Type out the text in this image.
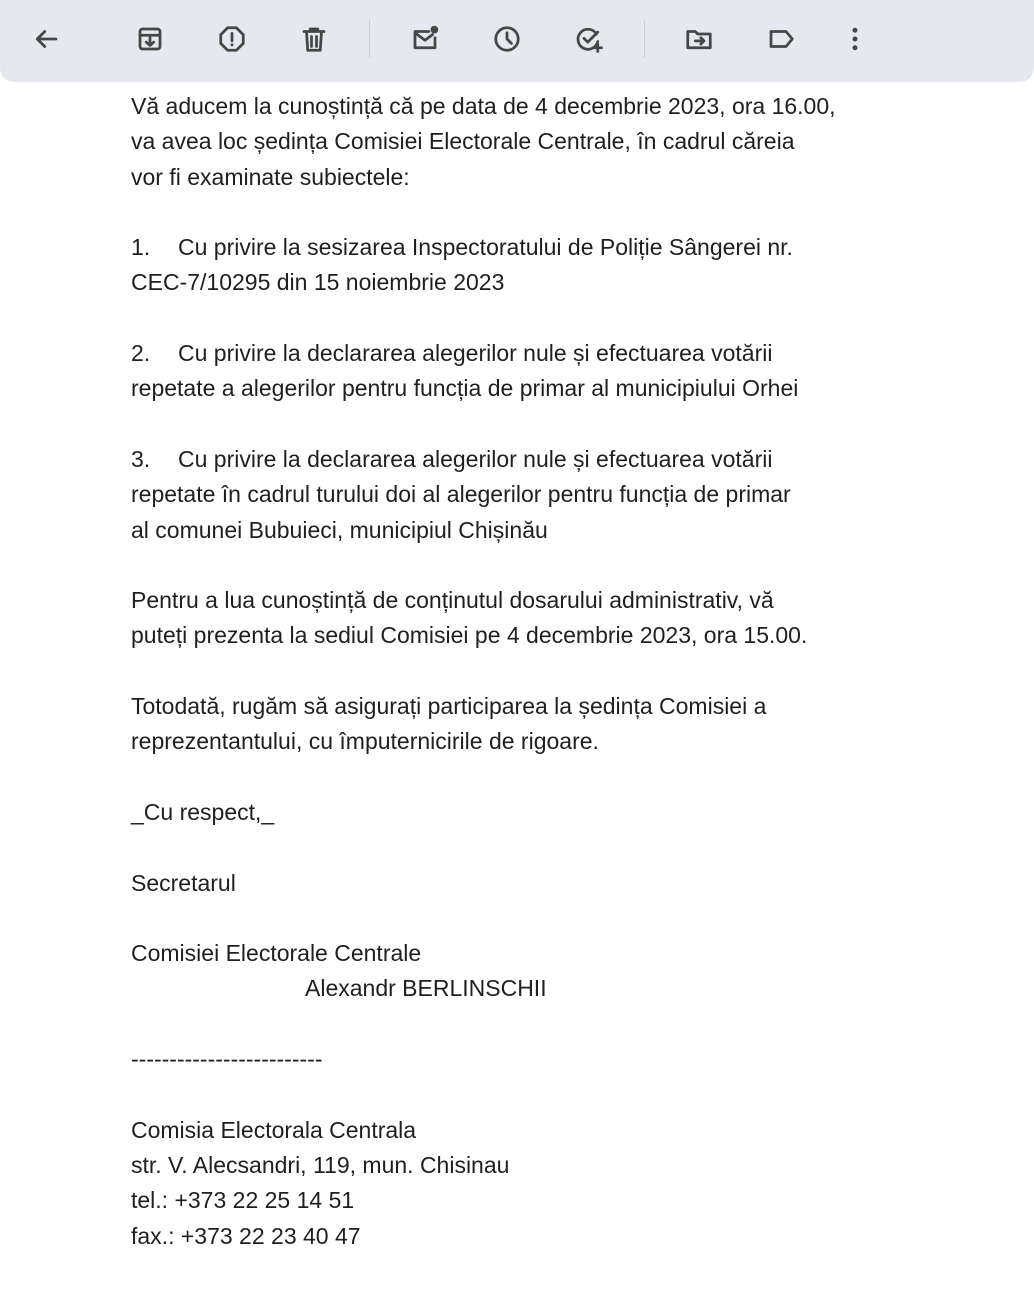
Vă aducem la cunoștință că pe data de 4 decembrie 2023, ora 16.00,

va avea loc ședința Comisiei Electorale Centrale, în cadrul căreia

vor fi examinate subiectele:

1. Cu privire la sesizarea Inspectoratului de Poliție Sângerei nr.

CEC-7/10295 din 15 noiembrie 2023

2. Cu privire la declararea alegerilor nule și efectuarea votării

repetate a alegerilor pentru funcția de primar al municipiului Orhei

3. Cu privire la declararea alegerilor nule și efectuarea votării

repetate în cadrul turului doi al alegerilor pentru funcția de primar

al comunei Bubuieci, municipiul Chișinău

Pentru a lua cunoștință de conținutul dosarului administrativ, vă

puteți prezenta la sediul Comisiei pe 4 decembrie 2023, ora 15.00.

Totodată, rugăm să asigurați participarea la ședința Comisiei a

reprezentantului, cu împuternicirile de rigoare.

_Cu respect,_

Secretarul

Comisiei Electorale Centrale

Alexandr BERLINSCHII

-------------------------

Comisia Electorala Centrala

str. V. Alecsandri, 119, mun. Chisinau

tel.: +373 22 25 14 51

fax.: +373 22 23 40 47
